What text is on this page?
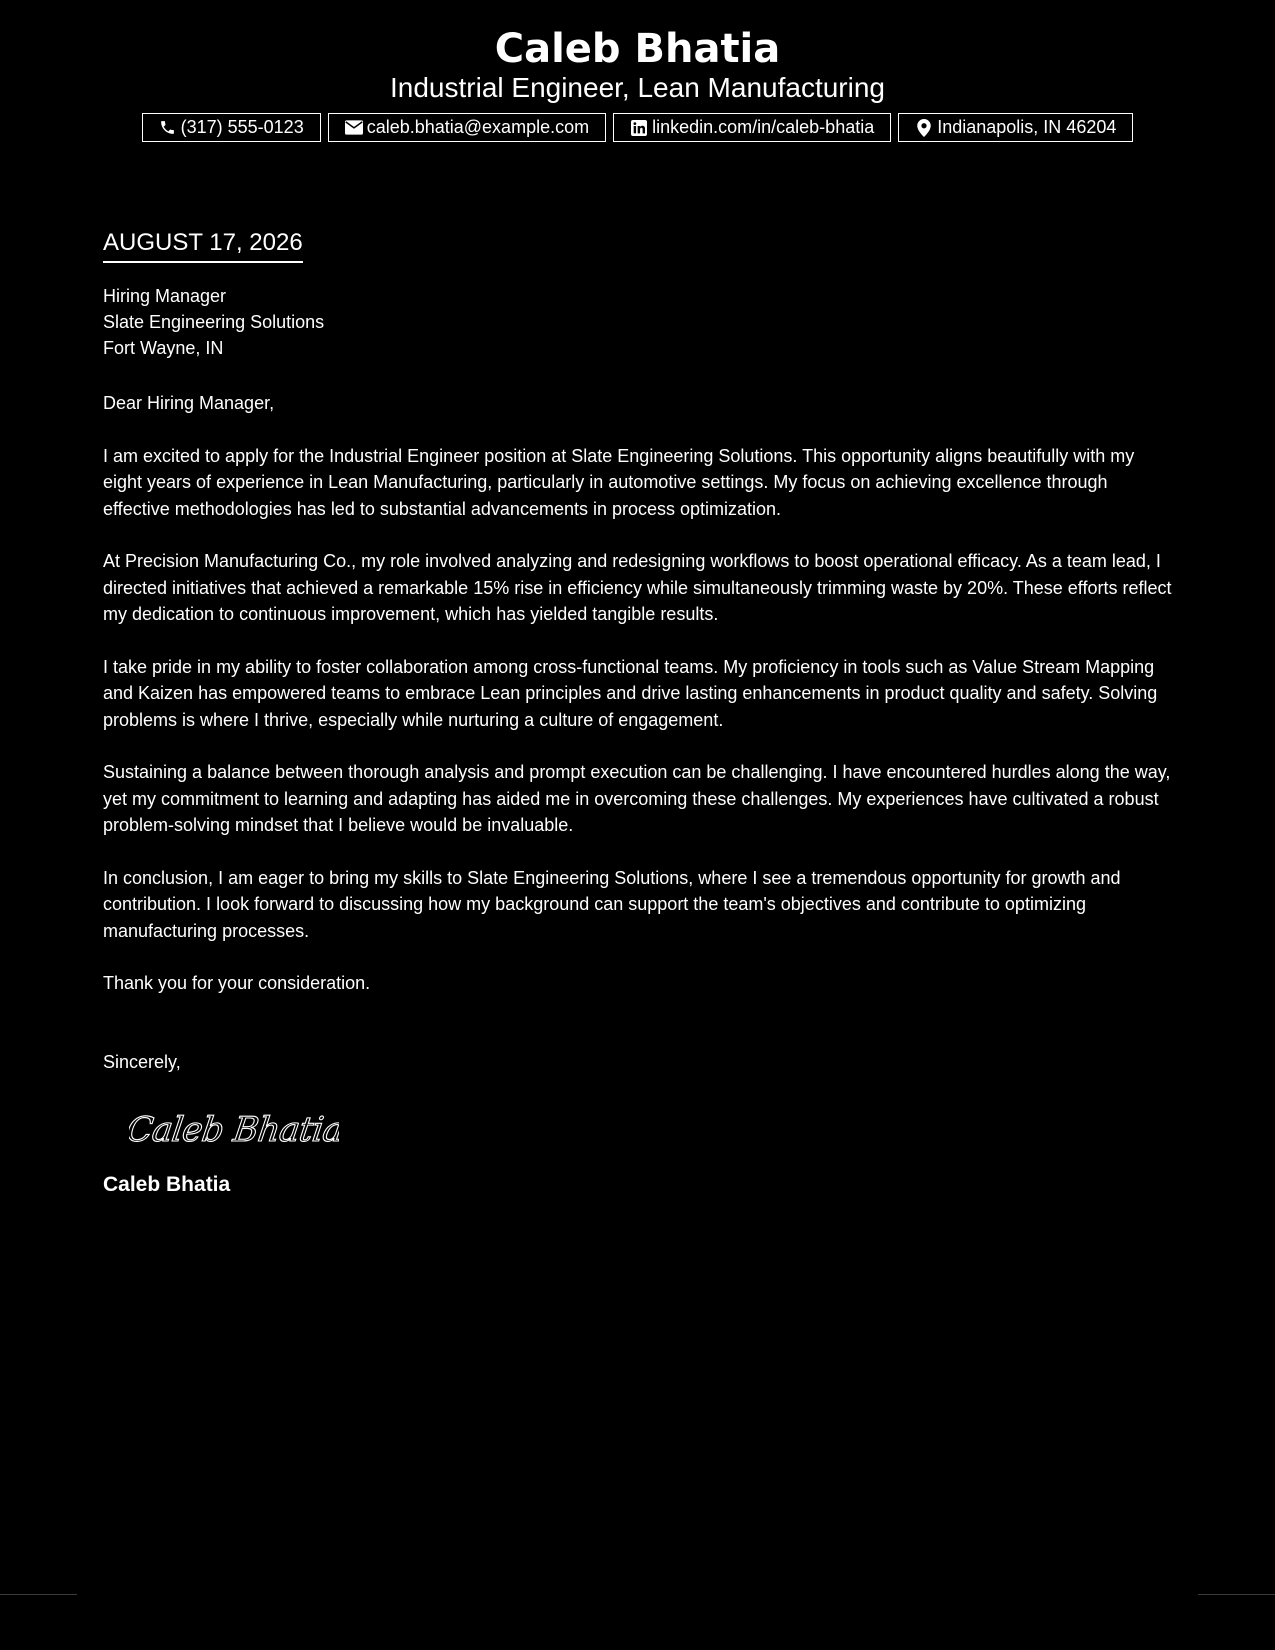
Caleb Bhatia
Industrial Engineer, Lean Manufacturing
(317) 555-0123	caleb.bhatia@example.com	linkedin.com/in/caleb-bhatia	Indianapolis, IN 46204
AUGUST 17, 2026
Hiring Manager
Slate Engineering Solutions
Fort Wayne, IN
Dear Hiring Manager,
I am excited to apply for the Industrial Engineer position at Slate Engineering Solutions. This opportunity aligns beautifully with my eight years of experience in Lean Manufacturing, particularly in automotive settings. My focus on achieving excellence through effective methodologies has led to substantial advancements in process optimization.
At Precision Manufacturing Co., my role involved analyzing and redesigning workflows to boost operational efficacy. As a team lead, I directed initiatives that achieved a remarkable 15% rise in efficiency while simultaneously trimming waste by 20%. These efforts reflect my dedication to continuous improvement, which has yielded tangible results.
I take pride in my ability to foster collaboration among cross-functional teams. My proficiency in tools such as Value Stream Mapping and Kaizen has empowered teams to embrace Lean principles and drive lasting enhancements in product quality and safety. Solving problems is where I thrive, especially while nurturing a culture of engagement.
Sustaining a balance between thorough analysis and prompt execution can be challenging. I have encountered hurdles along the way, yet my commitment to learning and adapting has aided me in overcoming these challenges. My experiences have cultivated a robust problem-solving mindset that I believe would be invaluable.
In conclusion, I am eager to bring my skills to Slate Engineering Solutions, where I see a tremendous opportunity for growth and contribution. I look forward to discussing how my background can support the team's objectives and contribute to optimizing manufacturing processes.
Thank you for your consideration.
Sincerely,
Caleb Bhatia
Caleb Bhatia
